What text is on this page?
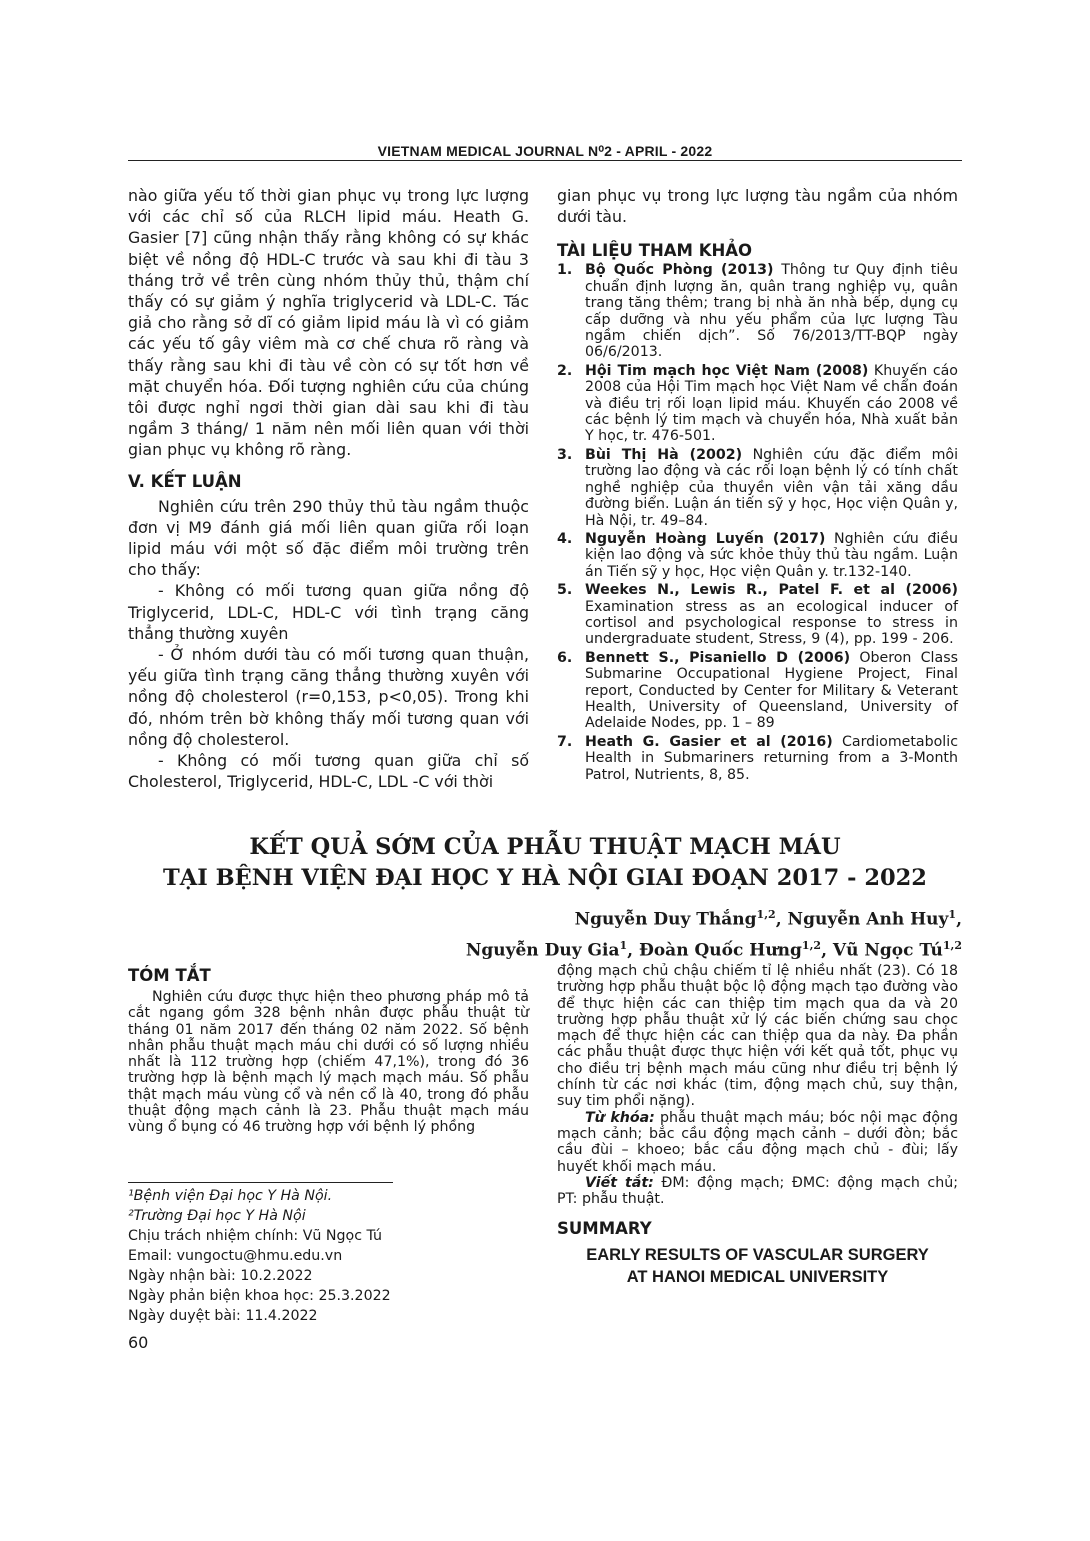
VIETNAM MEDICAL JOURNAL N⁰2 - APRIL - 2022

nào giữa yếu tố thời gian phục vụ trong lực lượng với các chỉ số của RLCH lipid máu. Heath G. Gasier [7] cũng nhận thấy rằng không có sự khác biệt về nồng độ HDL-C trước và sau khi đi tàu 3 tháng trở về trên cùng nhóm thủy thủ, thậm chí thấy có sự giảm ý nghĩa triglycerid và LDL-C. Tác giả cho rằng sở dĩ có giảm lipid máu là vì có giảm các yếu tố gây viêm mà cơ chế chưa rõ ràng và thấy rằng sau khi đi tàu về còn có sự tốt hơn về mặt chuyển hóa. Đối tượng nghiên cứu của chúng tôi được nghỉ ngơi thời gian dài sau khi đi tàu ngầm 3 tháng/ 1 năm nên mối liên quan với thời gian phục vụ không rõ ràng.

V. KẾT LUẬN

Nghiên cứu trên 290 thủy thủ tàu ngầm thuộc đơn vị M9 đánh giá mối liên quan giữa rối loạn lipid máu với một số đặc điểm môi trường trên cho thấy:

- Không có mối tương quan giữa nồng độ Triglycerid, LDL-C, HDL-C với tình trạng căng thẳng thường xuyên

- Ở nhóm dưới tàu có mối tương quan thuận, yếu giữa tình trạng căng thẳng thường xuyên với nồng độ cholesterol (r=0,153, p<0,05). Trong khi đó, nhóm trên bờ không thấy mối tương quan với nồng độ cholesterol.

- Không có mối tương quan giữa chỉ số Cholesterol, Triglycerid, HDL-C, LDL -C với thời

gian phục vụ trong lực lượng tàu ngầm của nhóm dưới tàu.

TÀI LIỆU THAM KHẢO

1. Bộ Quốc Phòng (2013) Thông tư Quy định tiêu chuẩn định lượng ăn, quân trang nghiệp vụ, quân trang tăng thêm; trang bị nhà ăn nhà bếp, dụng cụ cấp dưỡng và nhu yếu phẩm của lực lượng Tàu ngầm chiến dịch”. Số 76/2013/TT-BQP ngày 06/6/2013.

2. Hội Tim mạch học Việt Nam (2008) Khuyến cáo 2008 của Hội Tim mạch học Việt Nam về chẩn đoán và điều trị rối loạn lipid máu. Khuyến cáo 2008 về các bệnh lý tim mạch và chuyển hóa, Nhà xuất bản Y học, tr. 476-501.

3. Bùi Thị Hà (2002) Nghiên cứu đặc điểm môi trường lao động và các rối loạn bệnh lý có tính chất nghề nghiệp của thuyền viên vận tải xăng dầu đường biển. Luận án tiến sỹ y học, Học viện Quân y, Hà Nội, tr. 49–84.

4. Nguyễn Hoàng Luyến (2017) Nghiên cứu điều kiện lao động và sức khỏe thủy thủ tàu ngầm. Luận án Tiến sỹ y học, Học viện Quân y. tr.132-140.

5. Weekes N., Lewis R., Patel F. et al (2006) Examination stress as an ecological inducer of cortisol and psychological response to stress in undergraduate student, Stress, 9 (4), pp. 199 - 206.

6. Bennett S., Pisaniello D (2006) Oberon Class Submarine Occupational Hygiene Project, Final report, Conducted by Center for Military & Veterant Health, University of Queensland, University of Adelaide Nodes, pp. 1 – 89

7. Heath G. Gasier et al (2016) Cardiometabolic Health in Submariners returning from a 3-Month Patrol, Nutrients, 8, 85.

KẾT QUẢ SỚM CỦA PHẪU THUẬT MẠCH MÁU
TẠI BỆNH VIỆN ĐẠI HỌC Y HÀ NỘI GIAI ĐOẠN 2017 - 2022
Nguyễn Duy Thắng$^{1,2}$, Nguyễn Anh Huy$^1$,
Nguyễn Duy Gia$^1$, Đoàn Quốc Hưng$^{1,2}$, Vũ Ngọc Tú$^{1,2}$

TÓM TẮT

Nghiên cứu được thực hiện theo phương pháp mô tả cắt ngang gồm 328 bệnh nhân được phẫu thuật từ tháng 01 năm 2017 đến tháng 02 năm 2022. Số bệnh nhân phẫu thuật mạch máu chi dưới có số lượng nhiều nhất là 112 trường hợp (chiếm 47,1%), trong đó 36 trường hợp là bệnh mạch lý mạch mạch máu. Số phẫu thật mạch máu vùng cổ và nền cổ là 40, trong đó phẫu thuật động mạch cảnh là 23. Phẫu thuật mạch máu vùng ổ bụng có 46 trường hợp với bệnh lý phồng

¹Bệnh viện Đại học Y Hà Nội.

²Trường Đại học Y Hà Nội

Chịu trách nhiệm chính: Vũ Ngọc Tú

Email: vungoctu@hmu.edu.vn

Ngày nhận bài: 10.2.2022

Ngày phản biện khoa học: 25.3.2022

Ngày duyệt bài: 11.4.2022

động mạch chủ chậu chiếm tỉ lệ nhiều nhất (23). Có 18 trường hợp phẫu thuật bộc lộ động mạch tạo đường vào để thực hiện các can thiệp tim mạch qua da và 20 trường hợp phẫu thuật xử lý các biến chứng sau chọc mạch để thực hiện các can thiệp qua da này. Đa phần các phẫu thuật được thực hiện với kết quả tốt, phục vụ cho điều trị bệnh mạch máu cũng như điều trị bệnh lý chính từ các nơi khác (tim, động mạch chủ, suy thận, suy tim phổi nặng).

Từ khóa: phẫu thuật mạch máu; bóc nội mạc động mạch cảnh; bắc cầu động mạch cảnh – dưới đòn; bắc cầu đùi – khoeo; bắc cầu động mạch chủ - đùi; lấy huyết khối mạch máu.

Viết tắt: ĐM: động mạch; ĐMC: động mạch chủ; PT: phẫu thuật.

SUMMARY

EARLY RESULTS OF VASCULAR SURGERY

AT HANOI MEDICAL UNIVERSITY

60
